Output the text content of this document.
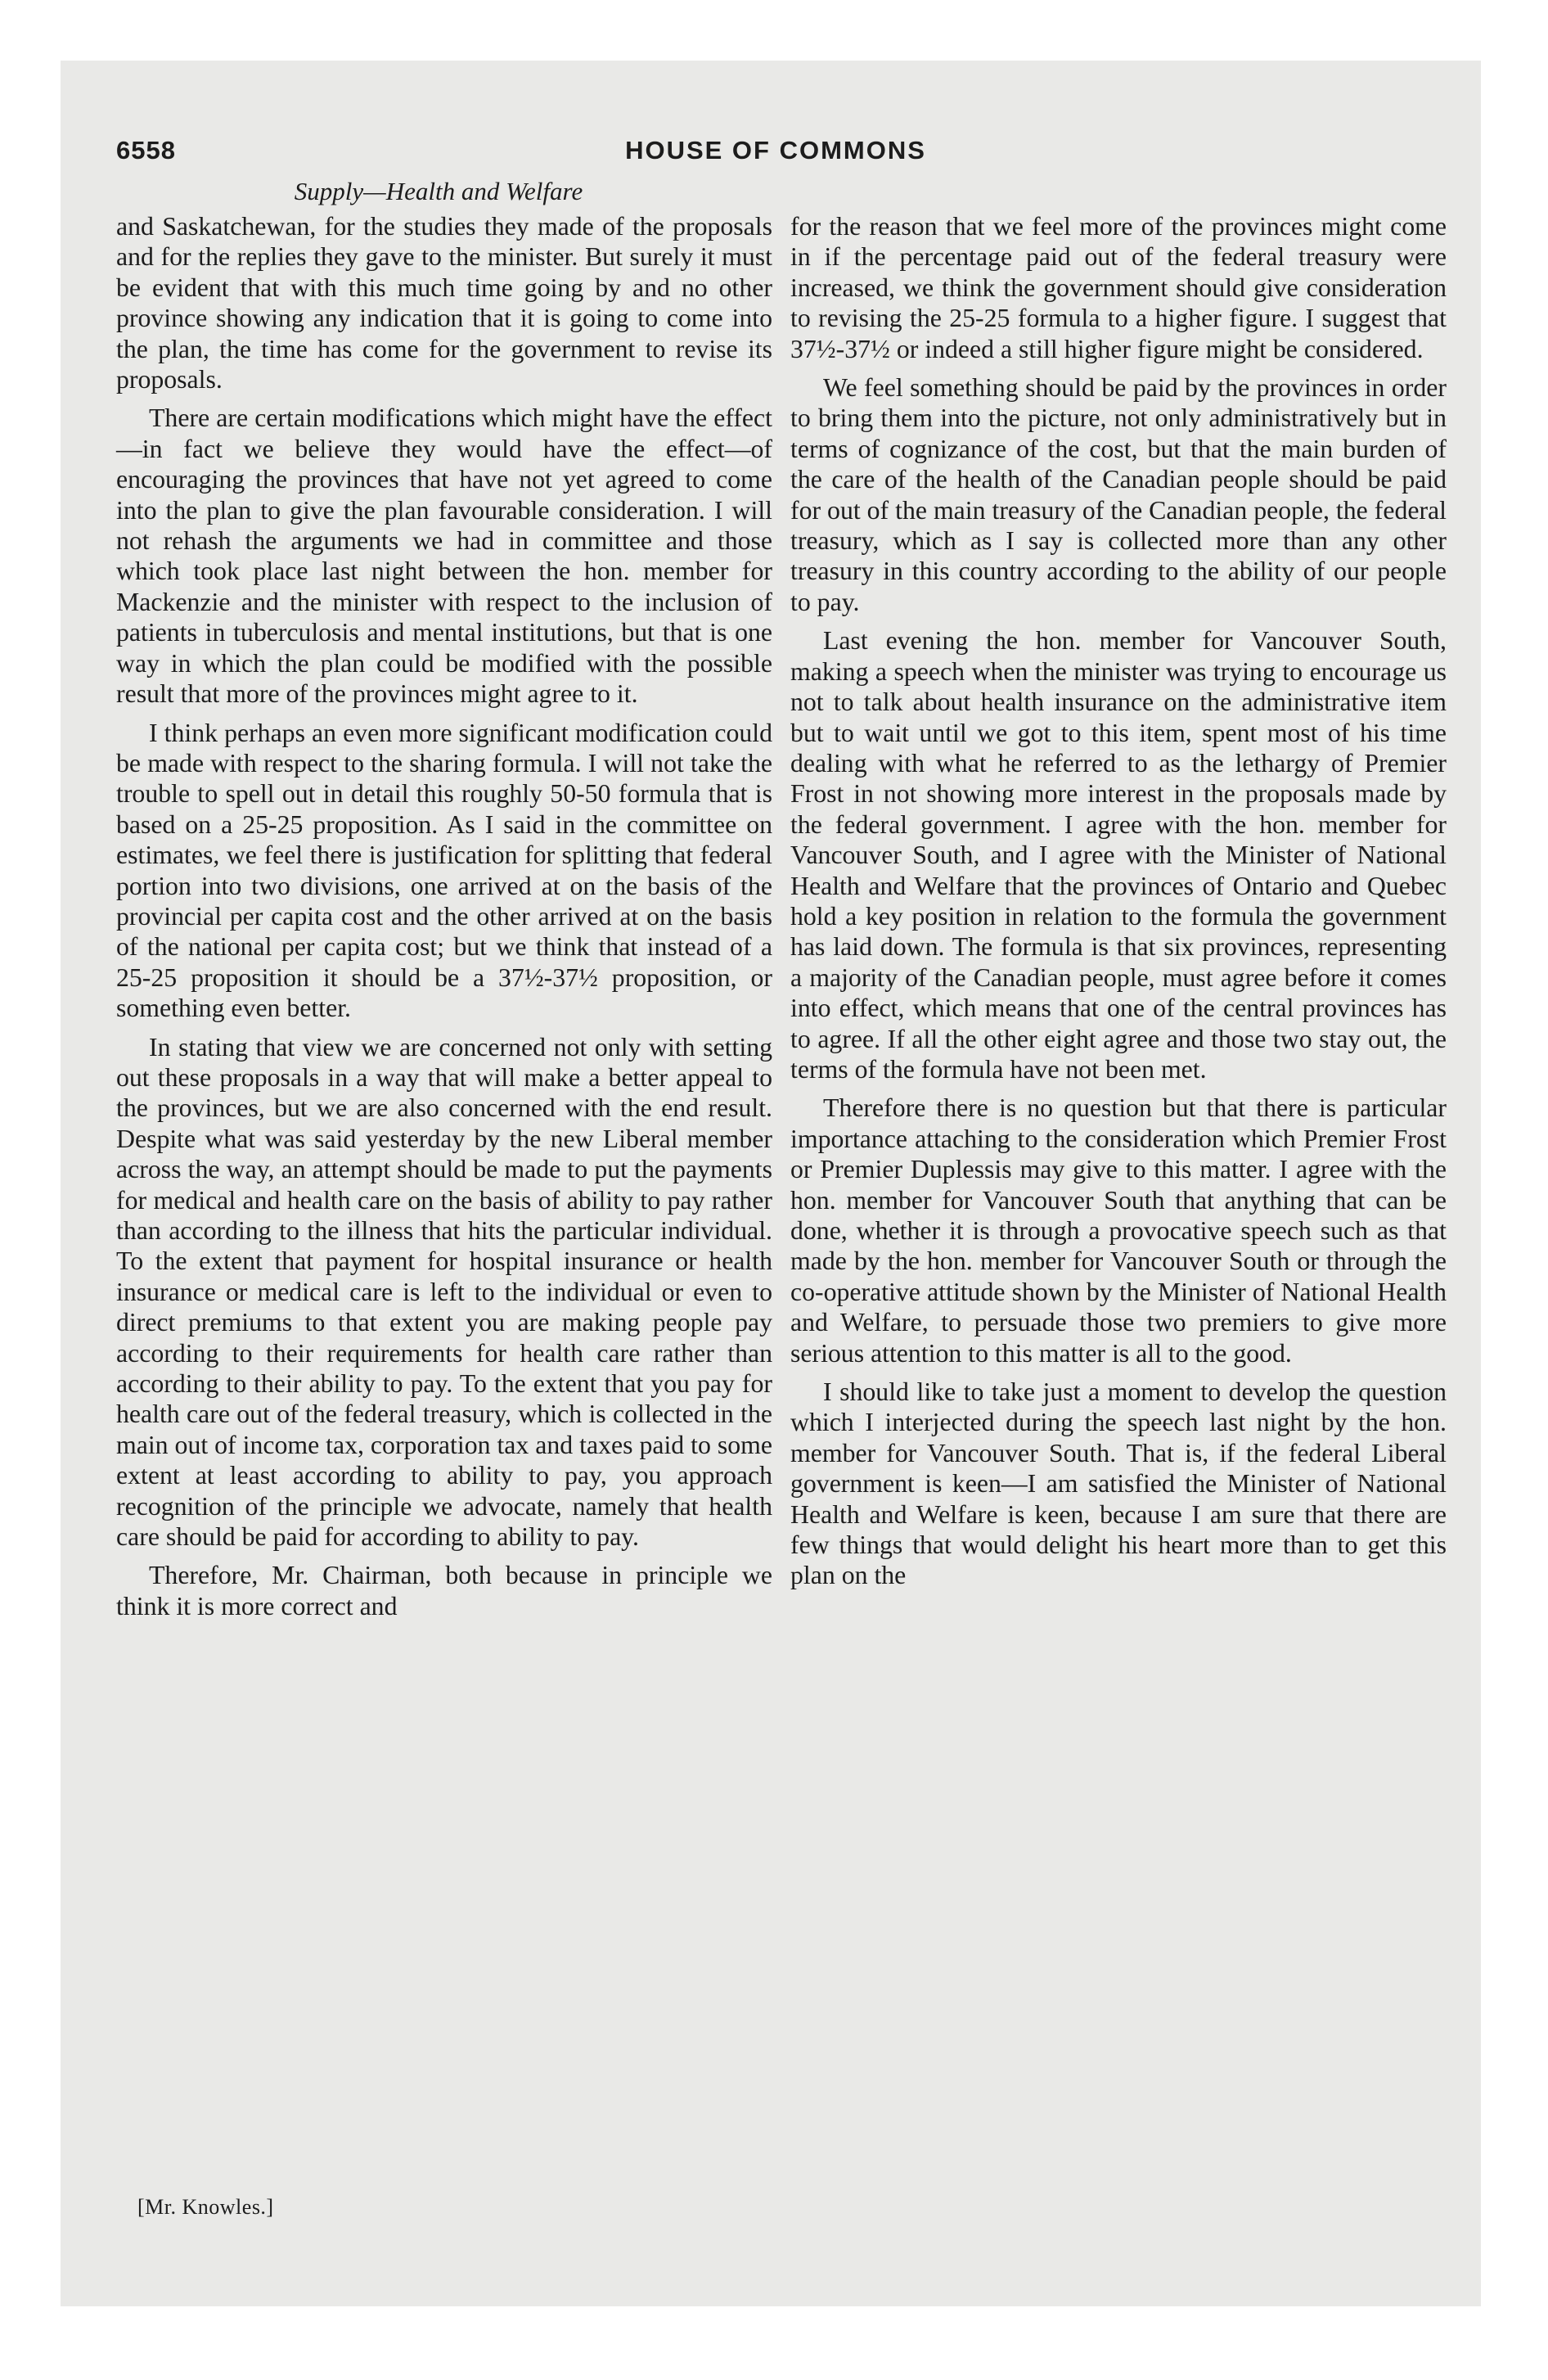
6558	HOUSE OF COMMONS
Supply—Health and Welfare

and Saskatchewan, for the studies they made of the proposals and for the replies they gave to the minister. But surely it must be evident that with this much time going by and no other province showing any indication that it is going to come into the plan, the time has come for the government to revise its proposals.

There are certain modifications which might have the effect—in fact we believe they would have the effect—of encouraging the provinces that have not yet agreed to come into the plan to give the plan favourable consideration. I will not rehash the arguments we had in committee and those which took place last night between the hon. member for Mackenzie and the minister with respect to the inclusion of patients in tuberculosis and mental institutions, but that is one way in which the plan could be modified with the possible result that more of the provinces might agree to it.

I think perhaps an even more significant modification could be made with respect to the sharing formula. I will not take the trouble to spell out in detail this roughly 50-50 formula that is based on a 25-25 proposition. As I said in the committee on estimates, we feel there is justification for splitting that federal portion into two divisions, one arrived at on the basis of the provincial per capita cost and the other arrived at on the basis of the national per capita cost; but we think that instead of a 25-25 proposition it should be a 37½-37½ proposition, or something even better.

In stating that view we are concerned not only with setting out these proposals in a way that will make a better appeal to the provinces, but we are also concerned with the end result. Despite what was said yesterday by the new Liberal member across the way, an attempt should be made to put the payments for medical and health care on the basis of ability to pay rather than according to the illness that hits the particular individual. To the extent that payment for hospital insurance or health insurance or medical care is left to the individual or even to direct premiums to that extent you are making people pay according to their requirements for health care rather than according to their ability to pay. To the extent that you pay for health care out of the federal treasury, which is collected in the main out of income tax, corporation tax and taxes paid to some extent at least according to ability to pay, you approach recognition of the principle we advocate, namely that health care should be paid for according to ability to pay.

Therefore, Mr. Chairman, both because in principle we think it is more correct and

for the reason that we feel more of the provinces might come in if the percentage paid out of the federal treasury were increased, we think the government should give consideration to revising the 25-25 formula to a higher figure. I suggest that 37½-37½ or indeed a still higher figure might be considered.

We feel something should be paid by the provinces in order to bring them into the picture, not only administratively but in terms of cognizance of the cost, but that the main burden of the care of the health of the Canadian people should be paid for out of the main treasury of the Canadian people, the federal treasury, which as I say is collected more than any other treasury in this country according to the ability of our people to pay.

Last evening the hon. member for Vancouver South, making a speech when the minister was trying to encourage us not to talk about health insurance on the administrative item but to wait until we got to this item, spent most of his time dealing with what he referred to as the lethargy of Premier Frost in not showing more interest in the proposals made by the federal government. I agree with the hon. member for Vancouver South, and I agree with the Minister of National Health and Welfare that the provinces of Ontario and Quebec hold a key position in relation to the formula the government has laid down. The formula is that six provinces, representing a majority of the Canadian people, must agree before it comes into effect, which means that one of the central provinces has to agree. If all the other eight agree and those two stay out, the terms of the formula have not been met.

Therefore there is no question but that there is particular importance attaching to the consideration which Premier Frost or Premier Duplessis may give to this matter. I agree with the hon. member for Vancouver South that anything that can be done, whether it is through a provocative speech such as that made by the hon. member for Vancouver South or through the co-operative attitude shown by the Minister of National Health and Welfare, to persuade those two premiers to give more serious attention to this matter is all to the good.

I should like to take just a moment to develop the question which I interjected during the speech last night by the hon. member for Vancouver South. That is, if the federal Liberal government is keen—I am satisfied the Minister of National Health and Welfare is keen, because I am sure that there are few things that would delight his heart more than to get this plan on the

[Mr. Knowles.]
